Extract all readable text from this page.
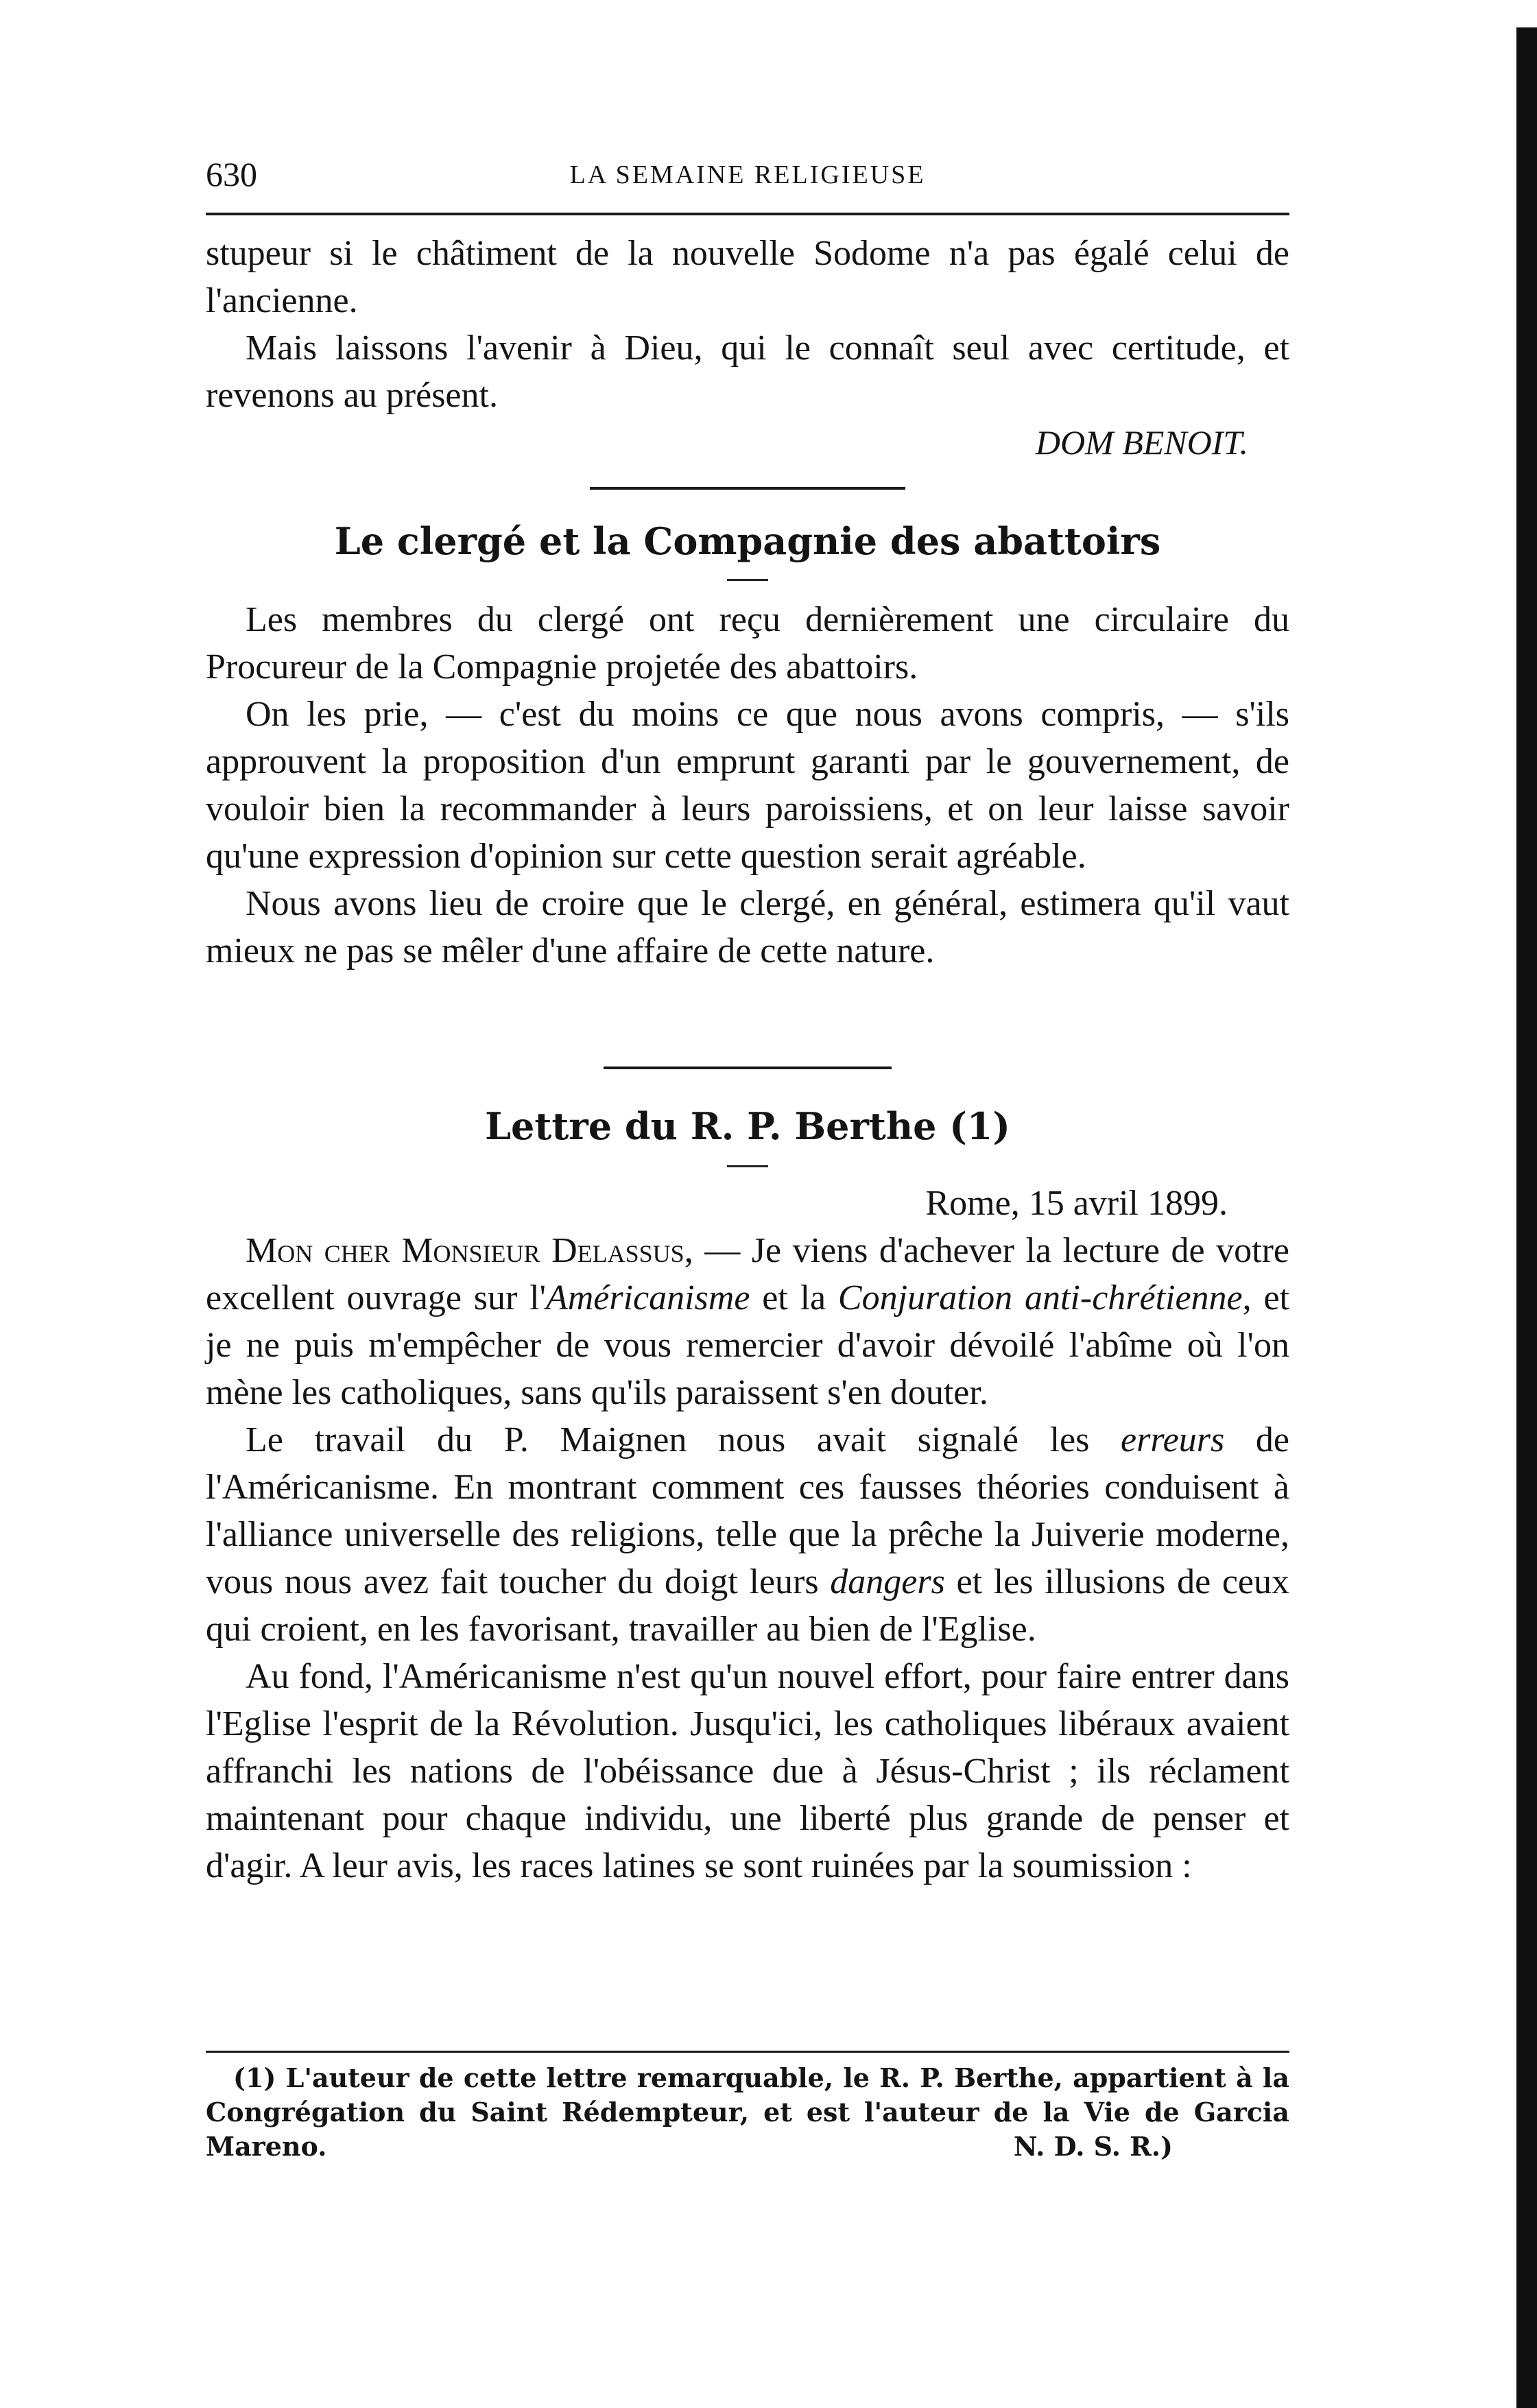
630	LA SEMAINE RELIGIEUSE

stupeur si le châtiment de la nouvelle Sodome n'a pas égalé celui de l'ancienne.

Mais laissons l'avenir à Dieu, qui le connaît seul avec certitude, et revenons au présent.

DOM BENOIT.

Le clergé et la Compagnie des abattoirs

Les membres du clergé ont reçu dernièrement une circulaire du Procureur de la Compagnie projetée des abattoirs.

On les prie, — c'est du moins ce que nous avons compris, — s'ils approuvent la proposition d'un emprunt garanti par le gouvernement, de vouloir bien la recommander à leurs paroissiens, et on leur laisse savoir qu'une expression d'opinion sur cette question serait agréable.

Nous avons lieu de croire que le clergé, en général, estimera qu'il vaut mieux ne pas se mêler d'une affaire de cette nature.

Lettre du R. P. Berthe (1)

Rome, 15 avril 1899.

Mon cher Monsieur Delassus, — Je viens d'achever la lecture de votre excellent ouvrage sur l'Américanisme et la Conjuration anti-chrétienne, et je ne puis m'empêcher de vous remercier d'avoir dévoilé l'abîme où l'on mène les catholiques, sans qu'ils paraissent s'en douter.

Le travail du P. Maignen nous avait signalé les erreurs de l'Américanisme. En montrant comment ces fausses théories conduisent à l'alliance universelle des religions, telle que la prêche la Juiverie moderne, vous nous avez fait toucher du doigt leurs dangers et les illusions de ceux qui croient, en les favorisant, travailler au bien de l'Eglise.

Au fond, l'Américanisme n'est qu'un nouvel effort, pour faire entrer dans l'Eglise l'esprit de la Révolution. Jusqu'ici, les catholiques libéraux avaient affranchi les nations de l'obéissance due à Jésus-Christ ; ils réclament maintenant pour chaque individu, une liberté plus grande de penser et d'agir. A leur avis, les races latines se sont ruinées par la soumission :

(1) L'auteur de cette lettre remarquable, le R. P. Berthe, appartient à la Congrégation du Saint Rédempteur, et est l'auteur de la Vie de Garcia Mareno.	N. D. S. R.)
